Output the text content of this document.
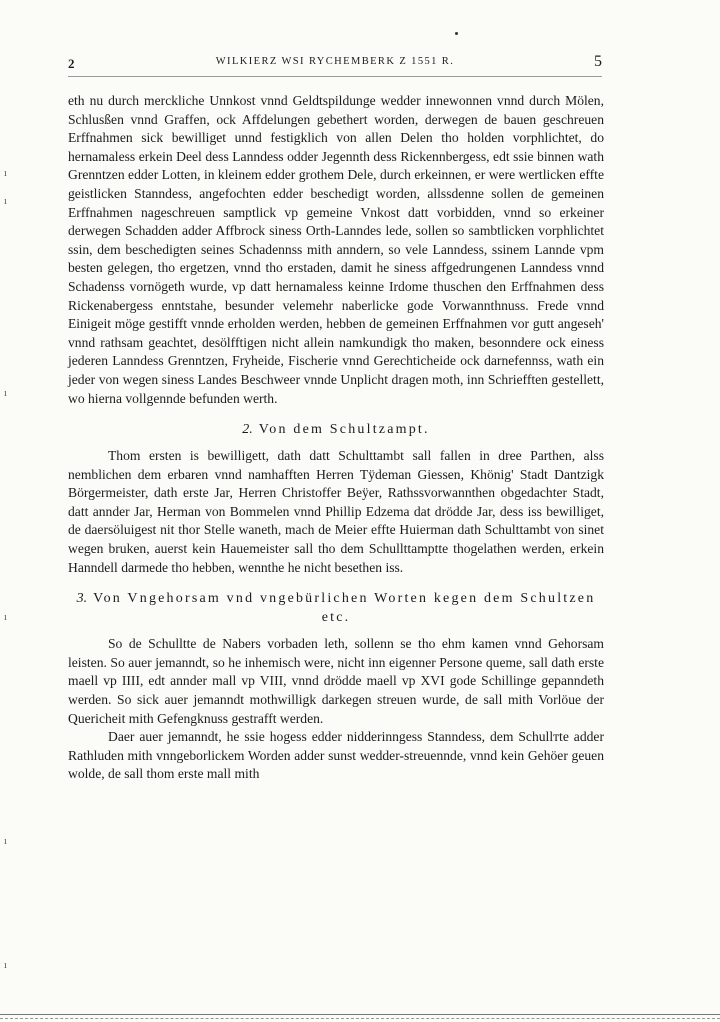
2	WILKIERZ WSI RYCHEMBERK Z 1551 R.	5

eth nu durch merckliche Unnkost vnnd Geldtspildunge wedder innewonnen vnnd durch Mölen, Schlusßen vnnd Graffen, ock Affdelungen gebethert worden, derwegen de bauen geschreuen Erffnahmen sick bewilliget unnd festigklich von allen Delen tho holden vorphlichtet, do hernamaless erkein Deel dess Lanndess odder Jegennth dess Rickennbergess, edt ssie binnen wath Grenntzen edder Lotten, in kleinem edder grothem Dele, durch erkeinnen, er were wertlicken effte geistlicken Stanndess, angefochten edder beschedigt worden, allssdenne sollen de gemeinen Erffnahmen nageschreuen samptlick vp gemeine Vnkost datt vorbidden, vnnd so erkeiner derwegen Schadden adder Affbrock siness Orth-Lanndes lede, sollen so sambtlicken vorphlichtet ssin, dem beschedigten seines Schadennss mith anndern, so vele Lanndess, ssinem Lannde vpm besten gelegen, tho ergetzen, vnnd tho erstaden, damit he siness affgedrungenen Lanndess vnnd Schadenss vornögeth wurde, vp datt hernamaless keinne Irdome thuschen den Erffnahmen dess Rickenabergess enntstahe, besunder velemehr naberlicke gode Vorwannthnuss. Frede vnnd Einigeit möge gestifft vnnde erholden werden, hebben de gemeinen Erffnahmen vor gutt angeseh' vnnd rathsam geachtet, desölfftigen nicht allein namkundigk tho maken, besonndere ock einess jederen Lanndess Grenntzen, Fryheide, Fischerie vnnd Gerechticheide ock darnefennss, wath ein jeder von wegen siness Landes Beschweer vnnde Unplicht dragen moth, inn Schriefften gestellett, wo hierna vollgennde befunden werth.

2. Von dem Schultzampt.

Thom ersten is bewilligett, dath datt Schulttambt sall fallen in dree Parthen, alss nemblichen dem erbaren vnnd namhafften Herren Tÿdeman Giessen, Khönig' Stadt Dantzigk Börgermeister, dath erste Jar, Herren Christoffer Beÿer, Rathssvorwannthen obgedachter Stadt, datt annder Jar, Herman von Bommelen vnnd Phillip Edzema dat drödde Jar, dess iss bewilliget, de daersöluigest nit thor Stelle waneth, mach de Meier effte Huierman dath Schulttambt von sinet wegen bruken, auerst kein Hauemeister sall tho dem Schullttamptte thogelathen werden, erkein Hanndell darmede tho hebben, wennthe he nicht besethen iss.

3. Von Vngehorsam vnd vngebürlichen Worten kegen dem Schultzen etc.

So de Schulltte de Nabers vorbaden leth, sollenn se tho ehm kamen vnnd Gehorsam leisten. So auer jemanndt, so he inhemisch were, nicht inn eigenner Persone queme, sall dath erste maell vp IIII, edt annder mall vp VIII, vnnd drödde maell vp XVI gode Schillinge gepanndeth werden. So sick auer jemanndt mothwilligk darkegen streuen wurde, de sall mith Vorlöue der Quericheit mith Gefengknuss gestrafft werden.

Daer auer jemanndt, he ssie hogess edder nidderinngess Stanndess, dem Schullтte adder Rathluden mith vnngeborlickem Worden adder sunst wedder-streuennde, vnnd kein Gehöer geuen wolde, de sall thom erste mall mith

ı
ı
ı
ı
ı
ı
